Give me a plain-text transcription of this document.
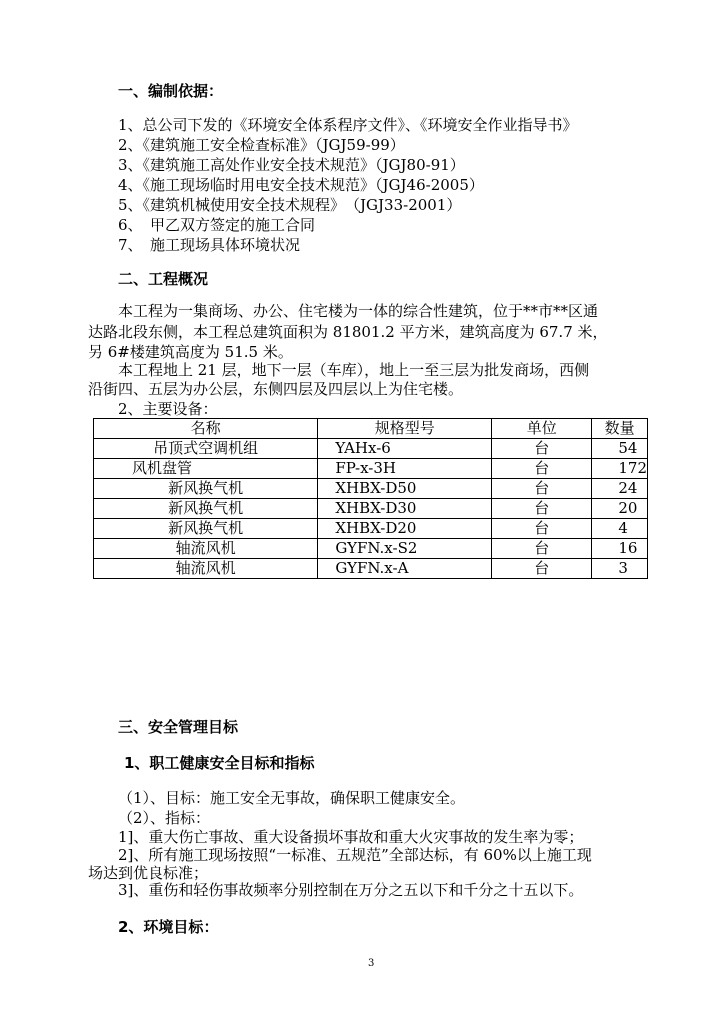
一、编制依据：
1、总公司下发的《环境安全体系程序文件》、《环境安全作业指导书》
2、《建筑施工安全检查标准》（JGJ59-99）
3、《建筑施工高处作业安全技术规范》（JGJ80-91）
4、《施工现场临时用电安全技术规范》（JGJ46-2005）
5、《建筑机械使用安全技术规程》　（JGJ33-2001）
6、　甲乙双方签定的施工合同
7、　施工现场具体环境状况
二、工程概况
本工程为一集商场、办公、住宅楼为一体的综合性建筑，位于**市**区通
达路北段东侧，本工程总建筑面积为 81801.2 平方米，建筑高度为 67.7 米，
另 6#楼建筑高度为 51.5 米。
本工程地上 21 层，地下一层（车库），地上一至三层为批发商场，西侧
沿街四、五层为办公层，东侧四层及四层以上为住宅楼。
2、主要设备：
名称	规格型号	单位	数量
吊顶式空调机组	YAHx-6	台	54
风机盘管	FP-x-3H	台	172
新风换气机	XHBX-D50	台	24
新风换气机	XHBX-D30	台	20
新风换气机	XHBX-D20	台	4
轴流风机	GYFN.x-S2	台	16
轴流风机	GYFN.x-A	台	3
三、安全管理目标
1、职工健康安全目标和指标
（1）、目标：施工安全无事故，确保职工健康安全。
（2）、指标：
1]、重大伤亡事故、重大设备损坏事故和重大火灾事故的发生率为零；
2]、所有施工现场按照“一标准、五规范”全部达标，有 60%以上施工现
场达到优良标准；
3]、重伤和轻伤事故频率分别控制在万分之五以下和千分之十五以下。
2、环境目标：
3
